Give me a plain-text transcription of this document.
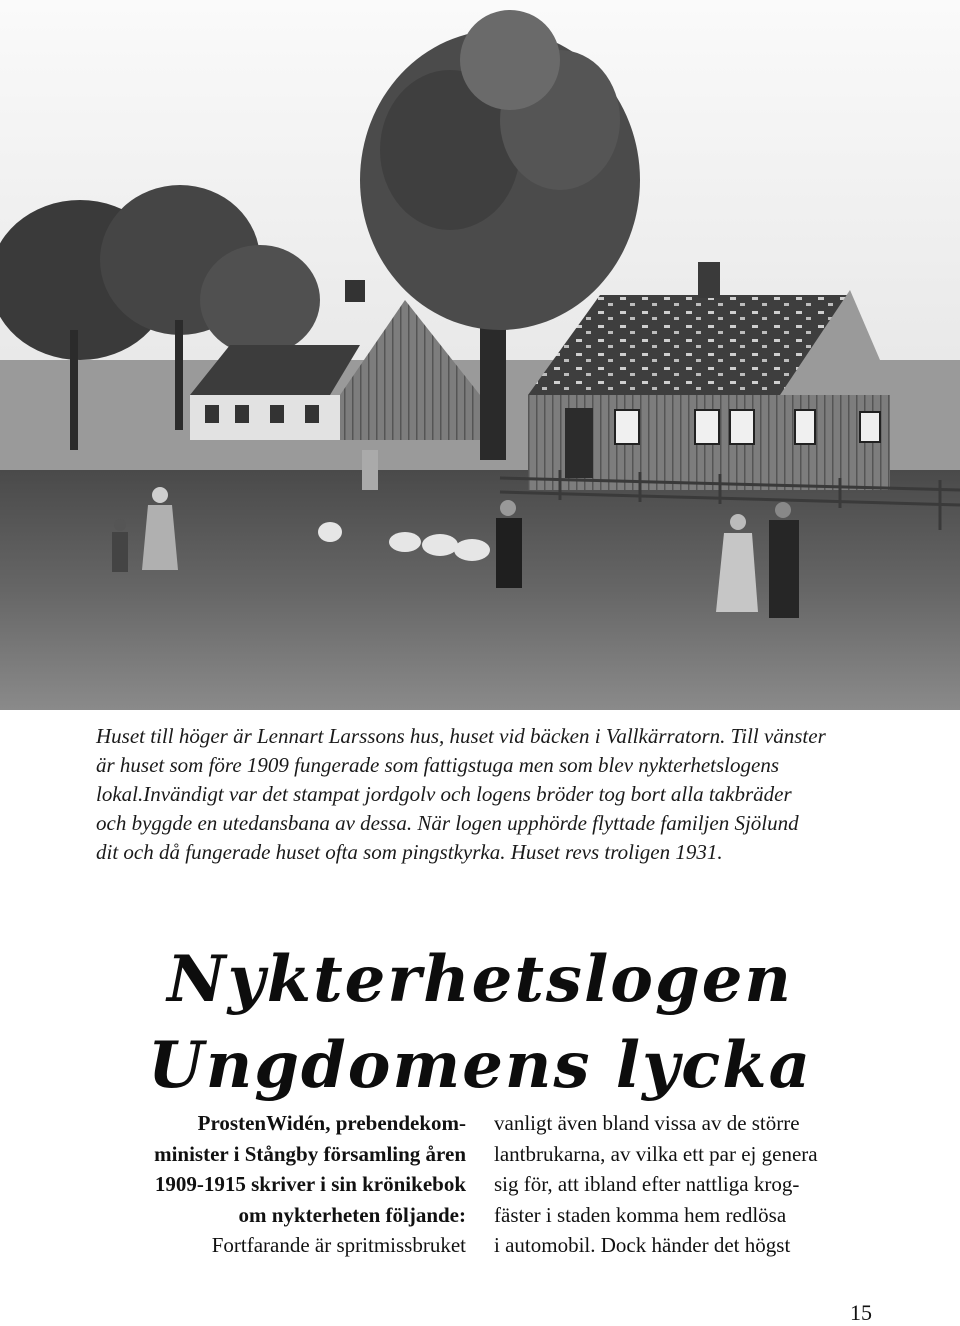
Huset till höger är Lennart Larssons hus, huset vid bäcken i Vallkärratorn. Till vänster
är huset som före 1909 fungerade som fattigstuga men som blev nykterhetslogens
lokal.Invändigt var det stampat jordgolv och logens bröder tog bort alla takbräder
och byggde en utedansbana av dessa. När logen upphörde flyttade familjen Sjölund
dit och då fungerade huset ofta som pingstkyrka. Huset revs troligen 1931.

Nykterhetslogen
Ungdomens lycka
ProstenWidén, prebendekom-
minister i Stångby församling åren
1909-1915 skriver i sin krönikebok
om nykterheten följande:
Fortfarande är spritmissbruket
vanligt även bland vissa av de större
lantbrukarna, av vilka ett par ej genera
sig för, att ibland efter nattliga krog-
fäster i staden komma hem redlösa
i automobil. Dock händer det högst
15
